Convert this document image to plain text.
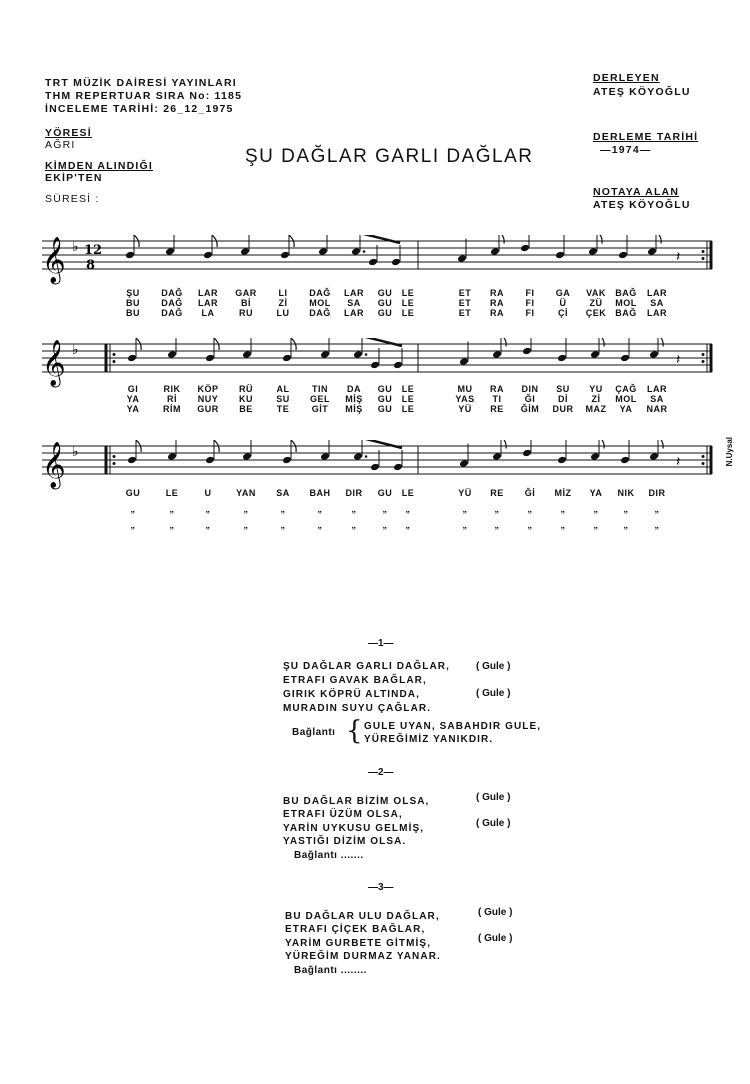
TRT MÜZİK DAİRESİ YAYINLARI
THM REPERTUAR SIRA No: 1185
İNCELEME TARİHİ: 26_12_1975
YÖRESİ
AĞRI
KİMDEN ALINDIĞI
EKİP'TEN
SÜRESİ :
DERLEYEN
ATEŞ KÖYOĞLU
DERLEME TARİHİ
—1974—
NOTAYA ALAN
ATEŞ KÖYOĞLU
ŞU DAĞLAR GARLI DAĞLAR
𝄞 ♭ 12
8
𝄽
𝄞 ♭
𝄽
𝄞 ♭
𝄽
ŞU DAĞ LAR GAR LI DAĞ LAR GU LE	ET RA FI GA VAK BAĞ LAR
BU DAĞ LAR	Bİ	Zİ MOL SA GU LE	ET RA FI	Ü	ZÜ MOL SA
BU DAĞ LA	RU	LU DAĞ LAR GU LE	ET RA FI	Çİ ÇEK BAĞ LAR
GI	RIK KÖP RÜ	AL	TIN DA GU LE	MU RA DIN SU YU ÇAĞ LAR
YA	Rİ NUY KU	SU GEL MİŞ GU LE	YAS TI	ĞI	Dİ	Zİ MOL SA
YA	RİM GUR BE	TE GİT MİŞ GU LE	YÜ RE ĞİM DUR MAZ YA NAR
GU	LE	U	YAN SA BAH DIR GU LE	YÜ RE Ğİ MİZ YA NIK DIR
„	„	„	„	„	„	„	„ „	„	„	„	„	„	„	„
„	„	„	„	„	„	„	„ „	„	„	„	„	„	„	„
N.Uysal
—1—
ŞU DAĞLAR GARLI DAĞLAR,	( Gule )
ETRAFI GAVAK BAĞLAR,
GIRIK KÖPRÜ ALTINDA,	( Gule )
MURADIN SUYU ÇAĞLAR.
Bağlantı { GULE UYAN, SABAHDIR GULE,
YÜREĞİMİZ YANIKDIR.
—2—
BU DAĞLAR BİZİM OLSA,	( Gule )
ETRAFI ÜZÜM OLSA,
YARİN UYKUSU GELMİŞ,	( Gule )
YASTIĞI DİZİM OLSA.
Bağlantı .......
—3—
BU DAĞLAR ULU DAĞLAR,	( Gule )
ETRAFI ÇİÇEK BAĞLAR,
YARİM GURBETE GİTMİŞ,	( Gule )
YÜREĞİM DURMAZ YANAR.
Bağlantı ........
